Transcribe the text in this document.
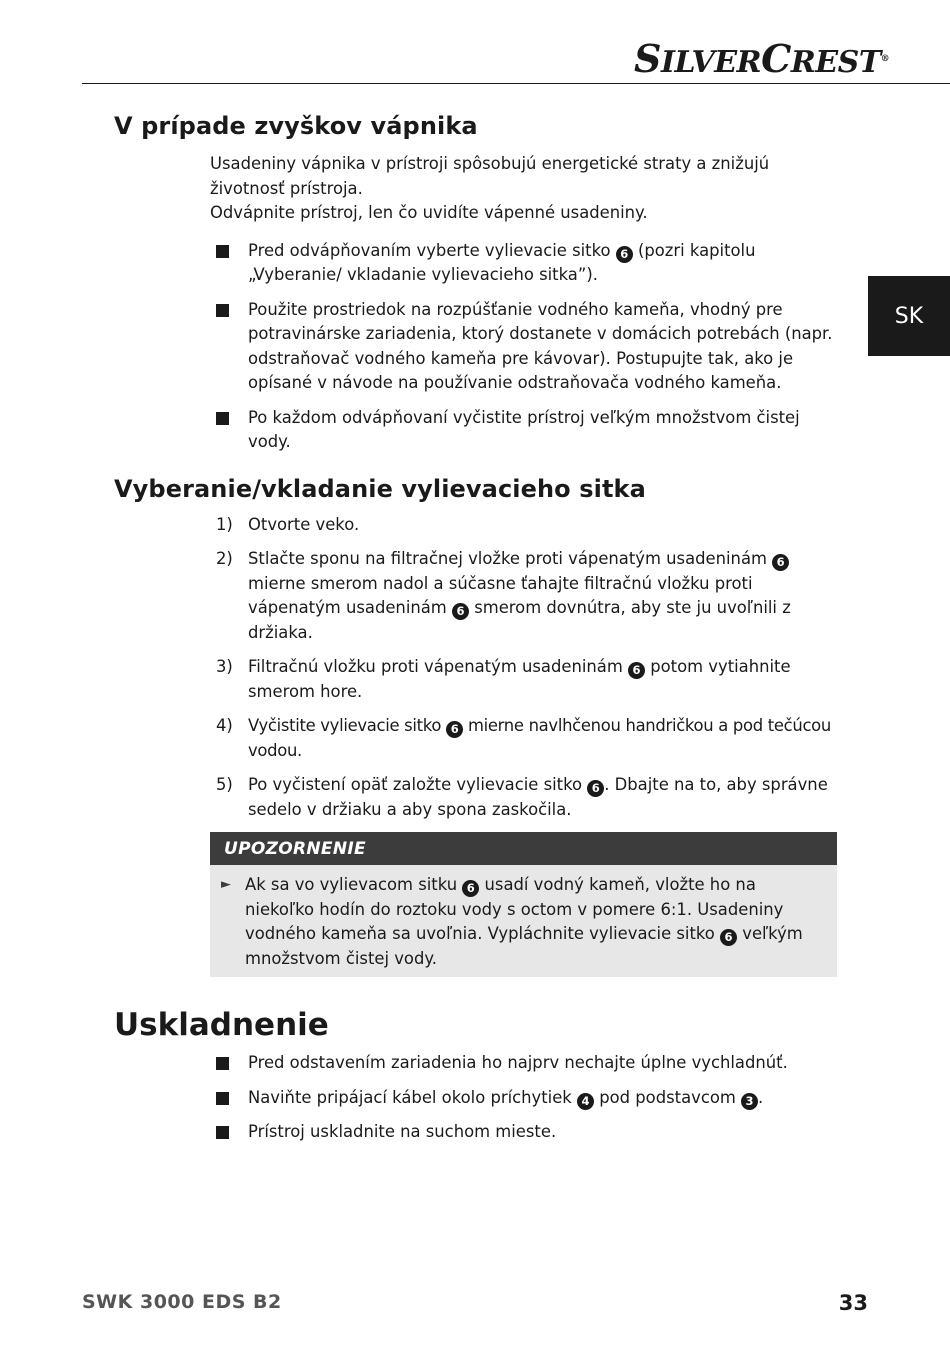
SILVERCREST®
SK
V prípade zvyškov vápnika
Usadeniny vápnika v prístroji spôsobujú energetické straty a znižujú životnosť prístroja.
Odvápnite prístroj, len čo uvidíte vápenné usadeniny.
Pred odvápňovaním vyberte vylievacie sitko 6 (pozri kapitolu „Vyberanie/ vkladanie vylievacieho sitka”).
Použite prostriedok na rozpúšťanie vodného kameňa, vhodný pre potravinárske zariadenia, ktorý dostanete v domácich potrebách (napr. odstraňovač vodného kameňa pre kávovar). Postupujte tak, ako je opísané v návode na používanie odstraňovača vodného kameňa.
Po každom odvápňovaní vyčistite prístroj veľkým množstvom čistej vody.
Vyberanie/vkladanie vylievacieho sitka
1) Otvorte veko.
2) Stlačte sponu na filtračnej vložke proti vápenatým usadeninám 6 mierne smerom nadol a súčasne ťahajte filtračnú vložku proti vápenatým usadeninám 6 smerom dovnútra, aby ste ju uvoľnili z držiaka.
3) Filtračnú vložku proti vápenatým usadeninám 6 potom vytiahnite smerom hore.
4) Vyčistite vylievacie sitko 6 mierne navlhčenou handričkou a pod tečúcou vodou.
5) Po vyčistení opäť založte vylievacie sitko 6 . Dbajte na to, aby správne sedelo v držiaku a aby spona zaskočila.
UPOZORNENIE
► Ak sa vo vylievacom sitku 6 usadí vodný kameň, vložte ho na niekoľko hodín do roztoku vody s octom v pomere 6:1. Usadeniny vodného kameňa sa uvoľnia. Vypláchnite vylievacie sitko 6 veľkým množstvom čistej vody.
Uskladnenie
Pred odstavením zariadenia ho najprv nechajte úplne vychladnúť.
Naviňte pripájací kábel okolo príchytiek 4 pod podstavcom 3 .
Prístroj uskladnite na suchom mieste.
SWK 3000 EDS B2	33
